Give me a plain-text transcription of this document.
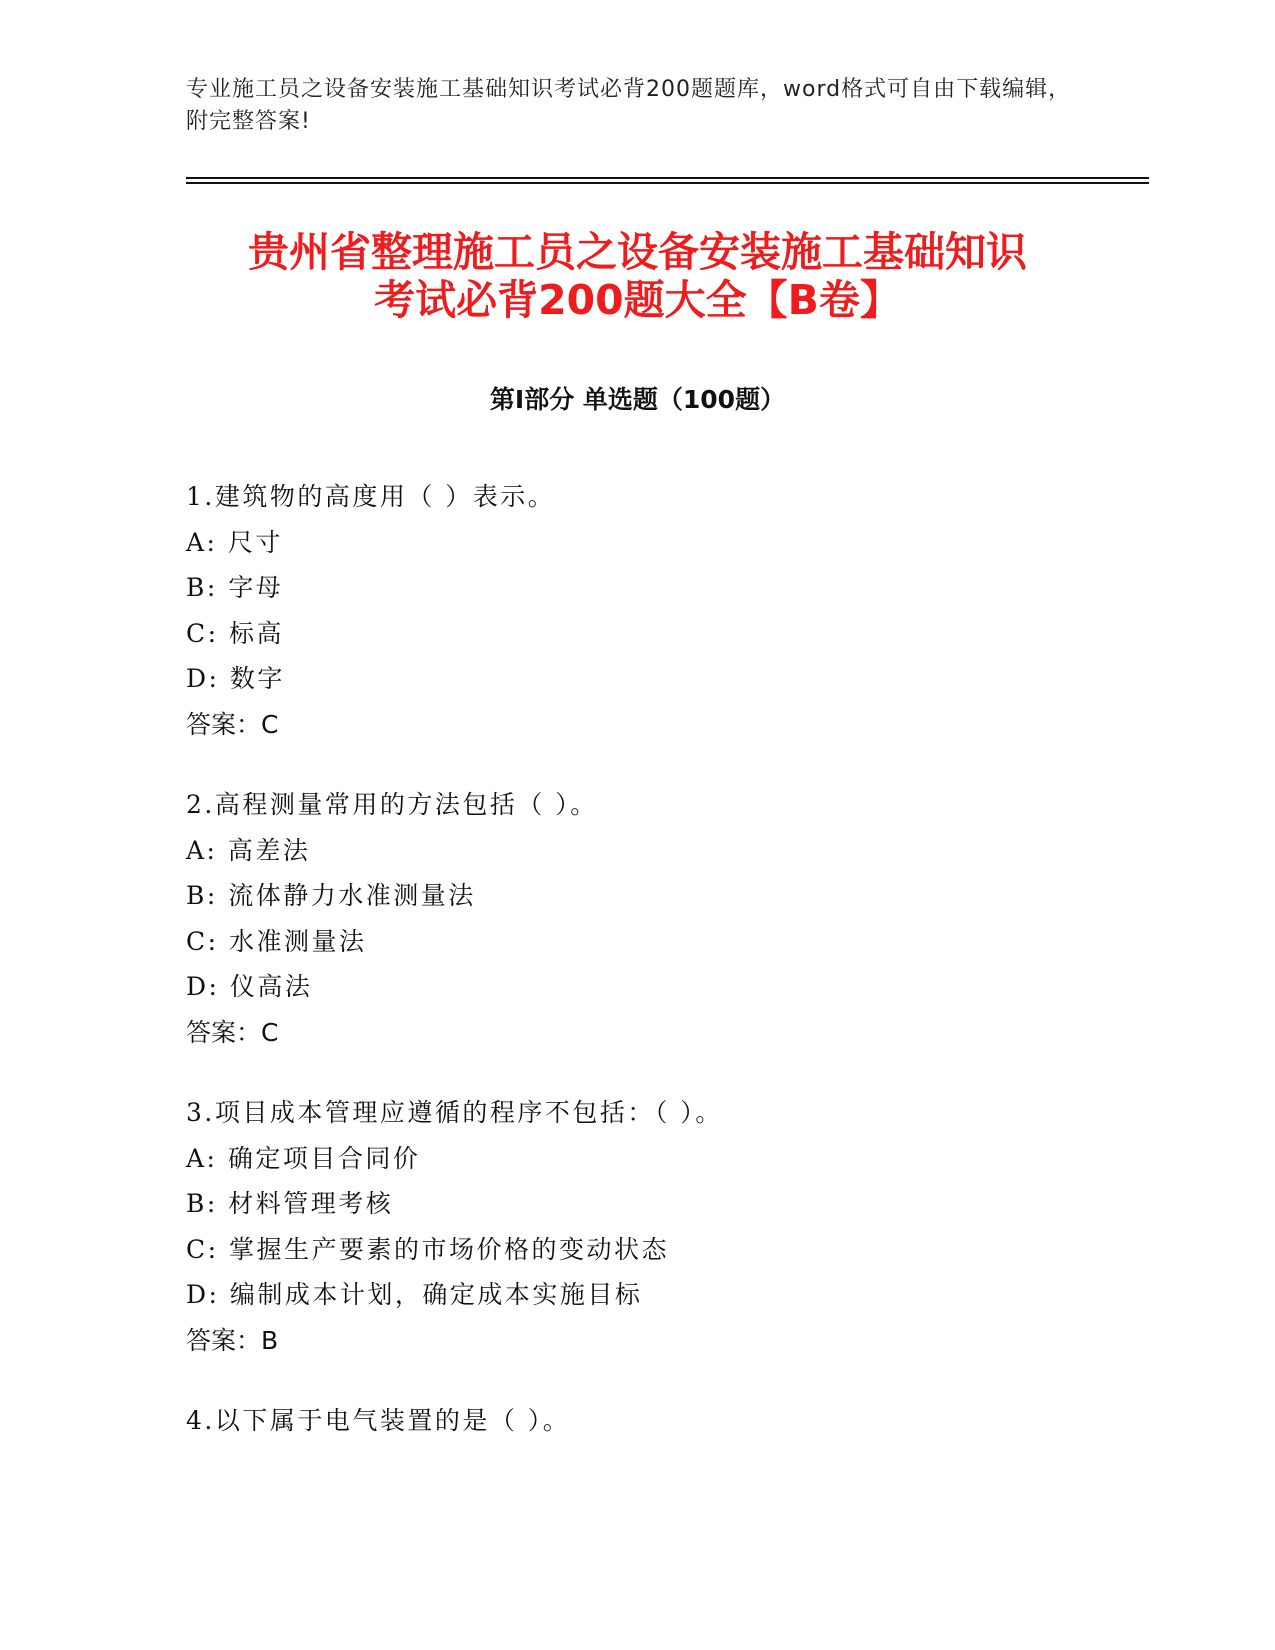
专业施工员之设备安装施工基础知识考试必背200题题库，word格式可自由下载编辑，附完整答案!
贵州省整理施工员之设备安装施工基础知识
考试必背200题大全【B卷】
第I部分 单选题（100题）
1.建筑物的高度用（ ）表示。
A: 尺寸
B: 字母
C: 标高
D: 数字
答案：C
2.高程测量常用的方法包括（ ）。
A: 高差法
B: 流体静力水准测量法
C: 水准测量法
D: 仪高法
答案：C
3.项目成本管理应遵循的程序不包括：（ ）。
A: 确定项目合同价
B: 材料管理考核
C: 掌握生产要素的市场价格的变动状态
D: 编制成本计划，确定成本实施目标
答案：B
4.以下属于电气装置的是（ ）。
